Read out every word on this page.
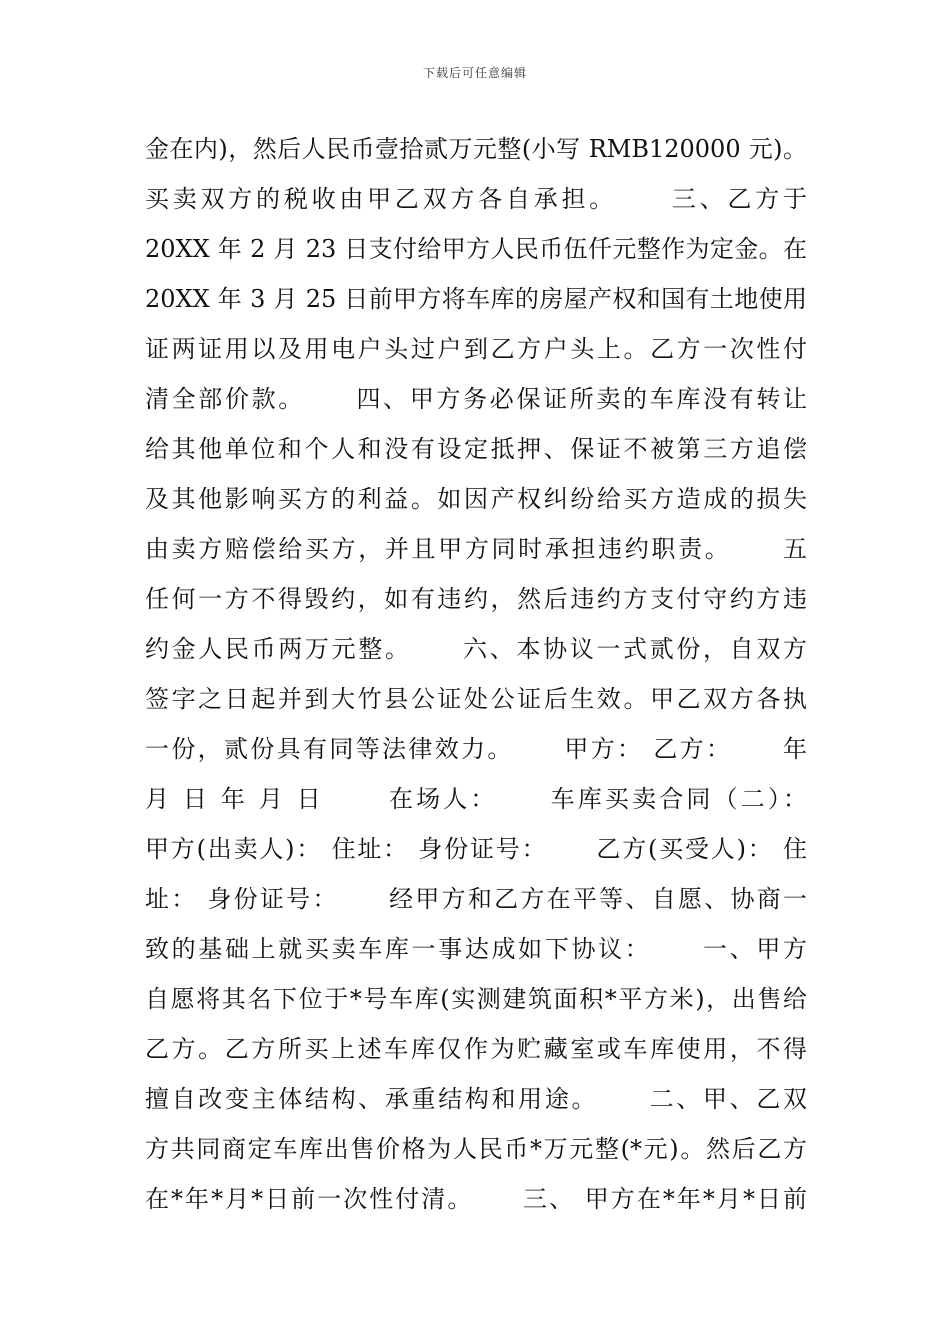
下载后可任意编辑
金在内)，然后人民币壹拾贰万元整(小写 RMB120000 元)。
买卖双方的税收由甲乙双方各自承担。　　 三、乙方于
20XX 年 2 月 23 日支付给甲方人民币伍仟元整作为定金。在
20XX 年 3 月 25 日前甲方将车库的房屋产权和国有土地使用
证两证用以及用电户头过户到乙方户头上。乙方一次性付
清全部价款。　　 四、甲方务必保证所卖的车库没有转让
给其他单位和个人和没有设定抵押、保证不被第三方追偿
及其他影响买方的利益。如因产权纠纷给买方造成的损失
由卖方赔偿给买方，并且甲方同时承担违约职责。　　 五
任何一方不得毁约，如有违约，然后违约方支付守约方违
约金人民币两万元整。　　 六、本协议一式贰份，自双方
签字之日起并到大竹县公证处公证后生效。甲乙双方各执
一份，贰份具有同等法律效力。　　 甲方： 乙方：　　 年
月 日 年 月 日　　 在场人：　　 车库买卖合同（二）：
甲方(出卖人)： 住址： 身份证号：　　 乙方(买受人)： 住
址： 身份证号：　　 经甲方和乙方在平等、自愿、协商一
致的基础上就买卖车库一事达成如下协议：　　 一、甲方
自愿将其名下位于*号车库(实测建筑面积*平方米)，出售给
乙方。乙方所买上述车库仅作为贮藏室或车库使用，不得
擅自改变主体结构、承重结构和用途。　　 二、甲、乙双
方共同商定车库出售价格为人民币*万元整(*元)。然后乙方
在*年*月*日前一次性付清。　　 三、 甲方在*年*月*日前
